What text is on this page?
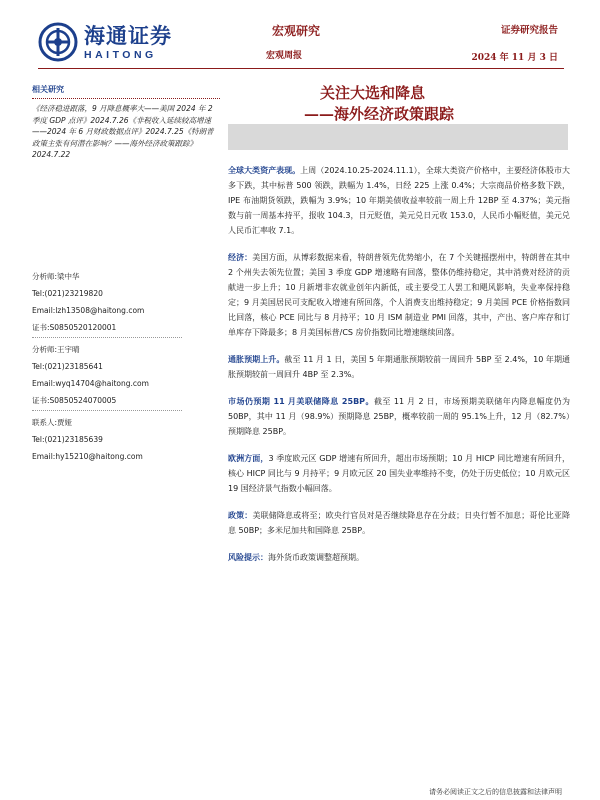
海通证券
HAITONG
宏观研究
宏观周报
证券研究报告
2024 年 11 月 3 日
关注大选和降息
——海外经济政策跟踪
相关研究
《经济稳进跟落，9 月降息概率大——美国 2024 年 2 季度 GDP 点评》2024.7.26《非税收入延续较高增速——2024 年 6 月财政数据点评》2024.7.25《特朗普政策主张有何潜在影响？——海外经济政策跟踪》2024.7.22
分析师:梁中华
Tel:(021)23219820
Email:lzh13508@haitong.com
证书:S0850520120001
分析师:王宇晴
Tel:(021)23185641
Email:wyq14704@haitong.com
证书:S0850524070005
联系人:贾娅
Tel:(021)23185639
Email:hy15210@haitong.com

全球大类资产表现。上周（2024.10.25-2024.11.1），全球大类资产价格中，主要经济体股市大多下跌，其中标普 500 领跌，跌幅为 1.4%，日经 225 上涨 0.4%；大宗商品价格多数下跌，IPE 布油期货领跌，跌幅为 3.9%；10 年期美债收益率较前一周上升 12BP 至 4.37%；美元指数与前一周基本持平，报收 104.3，日元贬值，美元兑日元收 153.0，人民币小幅贬值，美元兑人民币汇率收 7.1。

经济：美国方面，从博彩数据来看，特朗普领先优势缩小，在 7 个关键摇摆州中，特朗普在其中 2 个州失去领先位置；美国 3 季度 GDP 增速略有回落，整体仍维持稳定，其中消费对经济的贡献进一步上升；10 月新增非农就业创年内新低，或主要受工人罢工和飓风影响，失业率保持稳定；9 月美国居民可支配收入增速有所回落，个人消费支出维持稳定；9 月美国 PCE 价格指数同比回落，核心 PCE 同比与 8 月持平；10 月 ISM 制造业 PMI 回落，其中，产出、客户库存和订单库存下降最多；8 月美国标普/CS 房价指数同比增速继续回落。

通胀预期上升。截至 11 月 1 日，美国 5 年期通胀预期较前一周回升 5BP 至 2.4%，10 年期通胀预期较前一周回升 4BP 至 2.3%。

市场仍预期 11 月美联储降息 25BP。截至 11 月 2 日，市场预期美联储年内降息幅度仍为 50BP，其中 11 月（98.9%）预期降息 25BP，概率较前一周的 95.1%上升，12 月（82.7%）预期降息 25BP。

欧洲方面，3 季度欧元区 GDP 增速有所回升，超出市场预期；10 月 HICP 同比增速有所回升，核心 HICP 同比与 9 月持平；9 月欧元区 20 国失业率维持不变，仍处于历史低位；10 月欧元区 19 国经济景气指数小幅回落。

政策：美联储降息或将至；欧央行官员对是否继续降息存在分歧；日央行暂不加息；哥伦比亚降息 50BP；多米尼加共和国降息 25BP。

风险提示：海外货币政策调整超预期。

请务必阅读正文之后的信息披露和法律声明
